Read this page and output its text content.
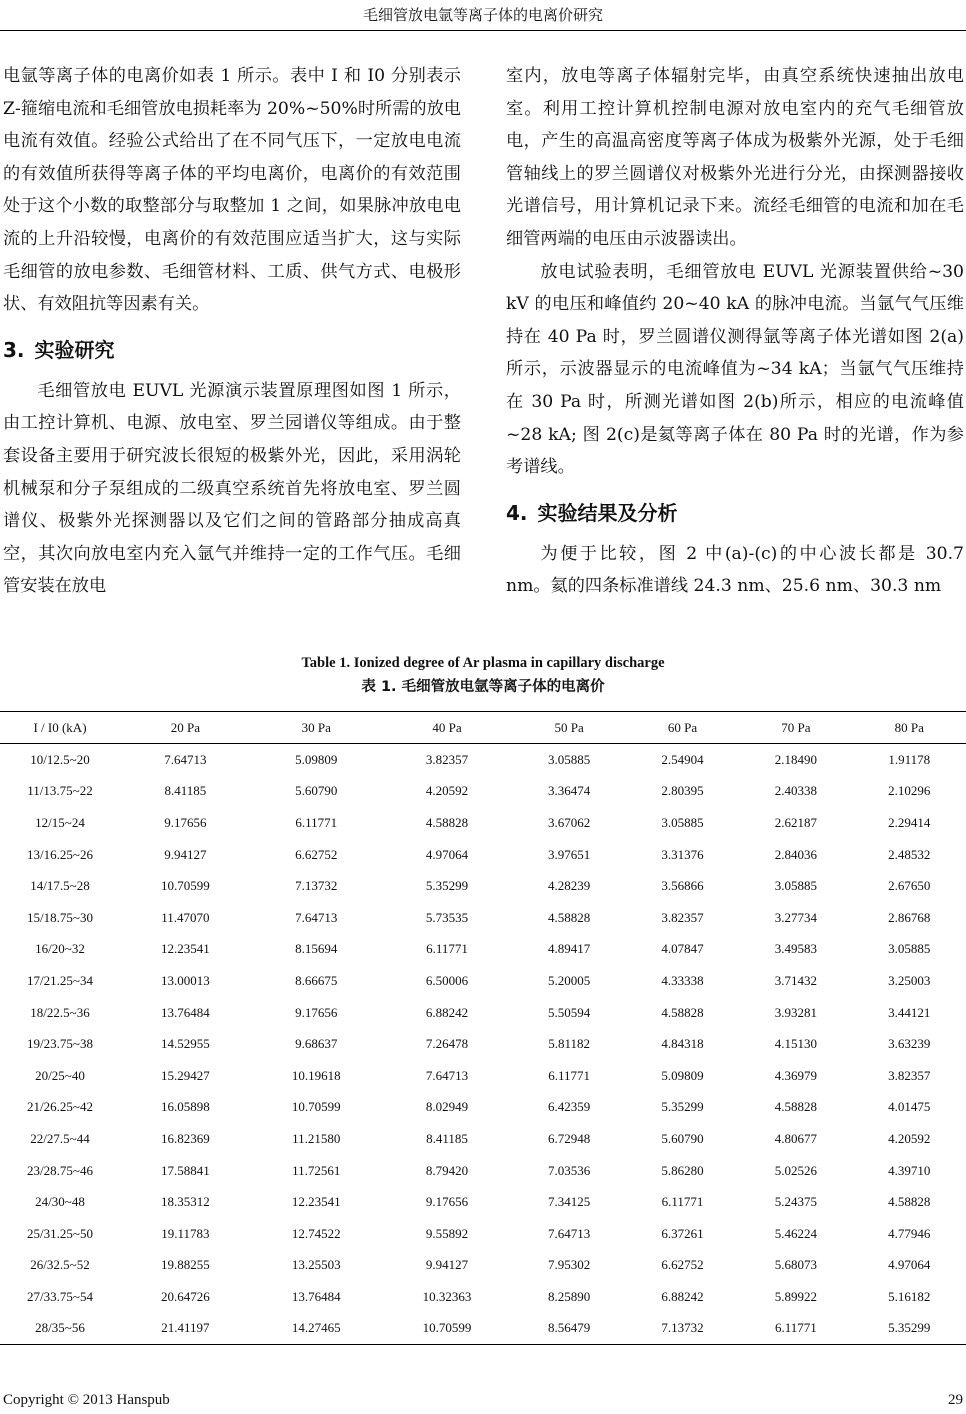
毛细管放电氩等离子体的电离价研究

电氩等离子体的电离价如表 1 所示。表中 I 和 I0 分别表示 Z-箍缩电流和毛细管放电损耗率为 20%~50%时所需的放电电流有效值。经验公式给出了在不同气压下，一定放电电流的有效值所获得等离子体的平均电离价，电离价的有效范围处于这个小数的取整部分与取整加 1 之间，如果脉冲放电电流的上升沿较慢，电离价的有效范围应适当扩大，这与实际毛细管的放电参数、毛细管材料、工质、供气方式、电极形状、有效阻抗等因素有关。

3. 实验研究

毛细管放电 EUVL 光源演示装置原理图如图 1 所示，由工控计算机、电源、放电室、罗兰园谱仪等组成。由于整套设备主要用于研究波长很短的极紫外光，因此，采用涡轮机械泵和分子泵组成的二级真空系统首先将放电室、罗兰圆谱仪、极紫外光探测器以及它们之间的管路部分抽成高真空，其次向放电室内充入氩气并维持一定的工作气压。毛细管安装在放电

室内，放电等离子体辐射完毕，由真空系统快速抽出放电室。利用工控计算机控制电源对放电室内的充气毛细管放电，产生的高温高密度等离子体成为极紫外光源，处于毛细管轴线上的罗兰圆谱仪对极紫外光进行分光，由探测器接收光谱信号，用计算机记录下来。流经毛细管的电流和加在毛细管两端的电压由示波器读出。

放电试验表明，毛细管放电 EUVL 光源装置供给~30 kV 的电压和峰值约 20~40 kA 的脉冲电流。当氩气气压维持在 40 Pa 时，罗兰圆谱仪测得氩等离子体光谱如图 2(a)所示，示波器显示的电流峰值为~34 kA；当氩气气压维持在 30 Pa 时，所测光谱如图 2(b)所示，相应的电流峰值~28 kA; 图 2(c)是氦等离子体在 80 Pa 时的光谱，作为参考谱线。

4. 实验结果及分析

为便于比较，图 2 中(a)-(c)的中心波长都是 30.7 nm。氦的四条标准谱线 24.3 nm、25.6 nm、30.3 nm

Table 1. Ionized degree of Ar plasma in capillary discharge
表 1. 毛细管放电氩等离子体的电离价
I / I0 (kA)	20 Pa	30 Pa	40 Pa	50 Pa	60 Pa	70 Pa	80 Pa
10/12.5~20	7.64713	5.09809	3.82357	3.05885	2.54904	2.18490	1.91178
11/13.75~22	8.41185	5.60790	4.20592	3.36474	2.80395	2.40338	2.10296
12/15~24	9.17656	6.11771	4.58828	3.67062	3.05885	2.62187	2.29414
13/16.25~26	9.94127	6.62752	4.97064	3.97651	3.31376	2.84036	2.48532
14/17.5~28	10.70599	7.13732	5.35299	4.28239	3.56866	3.05885	2.67650
15/18.75~30	11.47070	7.64713	5.73535	4.58828	3.82357	3.27734	2.86768
16/20~32	12.23541	8.15694	6.11771	4.89417	4.07847	3.49583	3.05885
17/21.25~34	13.00013	8.66675	6.50006	5.20005	4.33338	3.71432	3.25003
18/22.5~36	13.76484	9.17656	6.88242	5.50594	4.58828	3.93281	3.44121
19/23.75~38	14.52955	9.68637	7.26478	5.81182	4.84318	4.15130	3.63239
20/25~40	15.29427	10.19618	7.64713	6.11771	5.09809	4.36979	3.82357
21/26.25~42	16.05898	10.70599	8.02949	6.42359	5.35299	4.58828	4.01475
22/27.5~44	16.82369	11.21580	8.41185	6.72948	5.60790	4.80677	4.20592
23/28.75~46	17.58841	11.72561	8.79420	7.03536	5.86280	5.02526	4.39710
24/30~48	18.35312	12.23541	9.17656	7.34125	6.11771	5.24375	4.58828
25/31.25~50	19.11783	12.74522	9.55892	7.64713	6.37261	5.46224	4.77946
26/32.5~52	19.88255	13.25503	9.94127	7.95302	6.62752	5.68073	4.97064
27/33.75~54	20.64726	13.76484	10.32363	8.25890	6.88242	5.89922	5.16182
28/35~56	21.41197	14.27465	10.70599	8.56479	7.13732	6.11771	5.35299
Copyright © 2013 Hanspub	29
